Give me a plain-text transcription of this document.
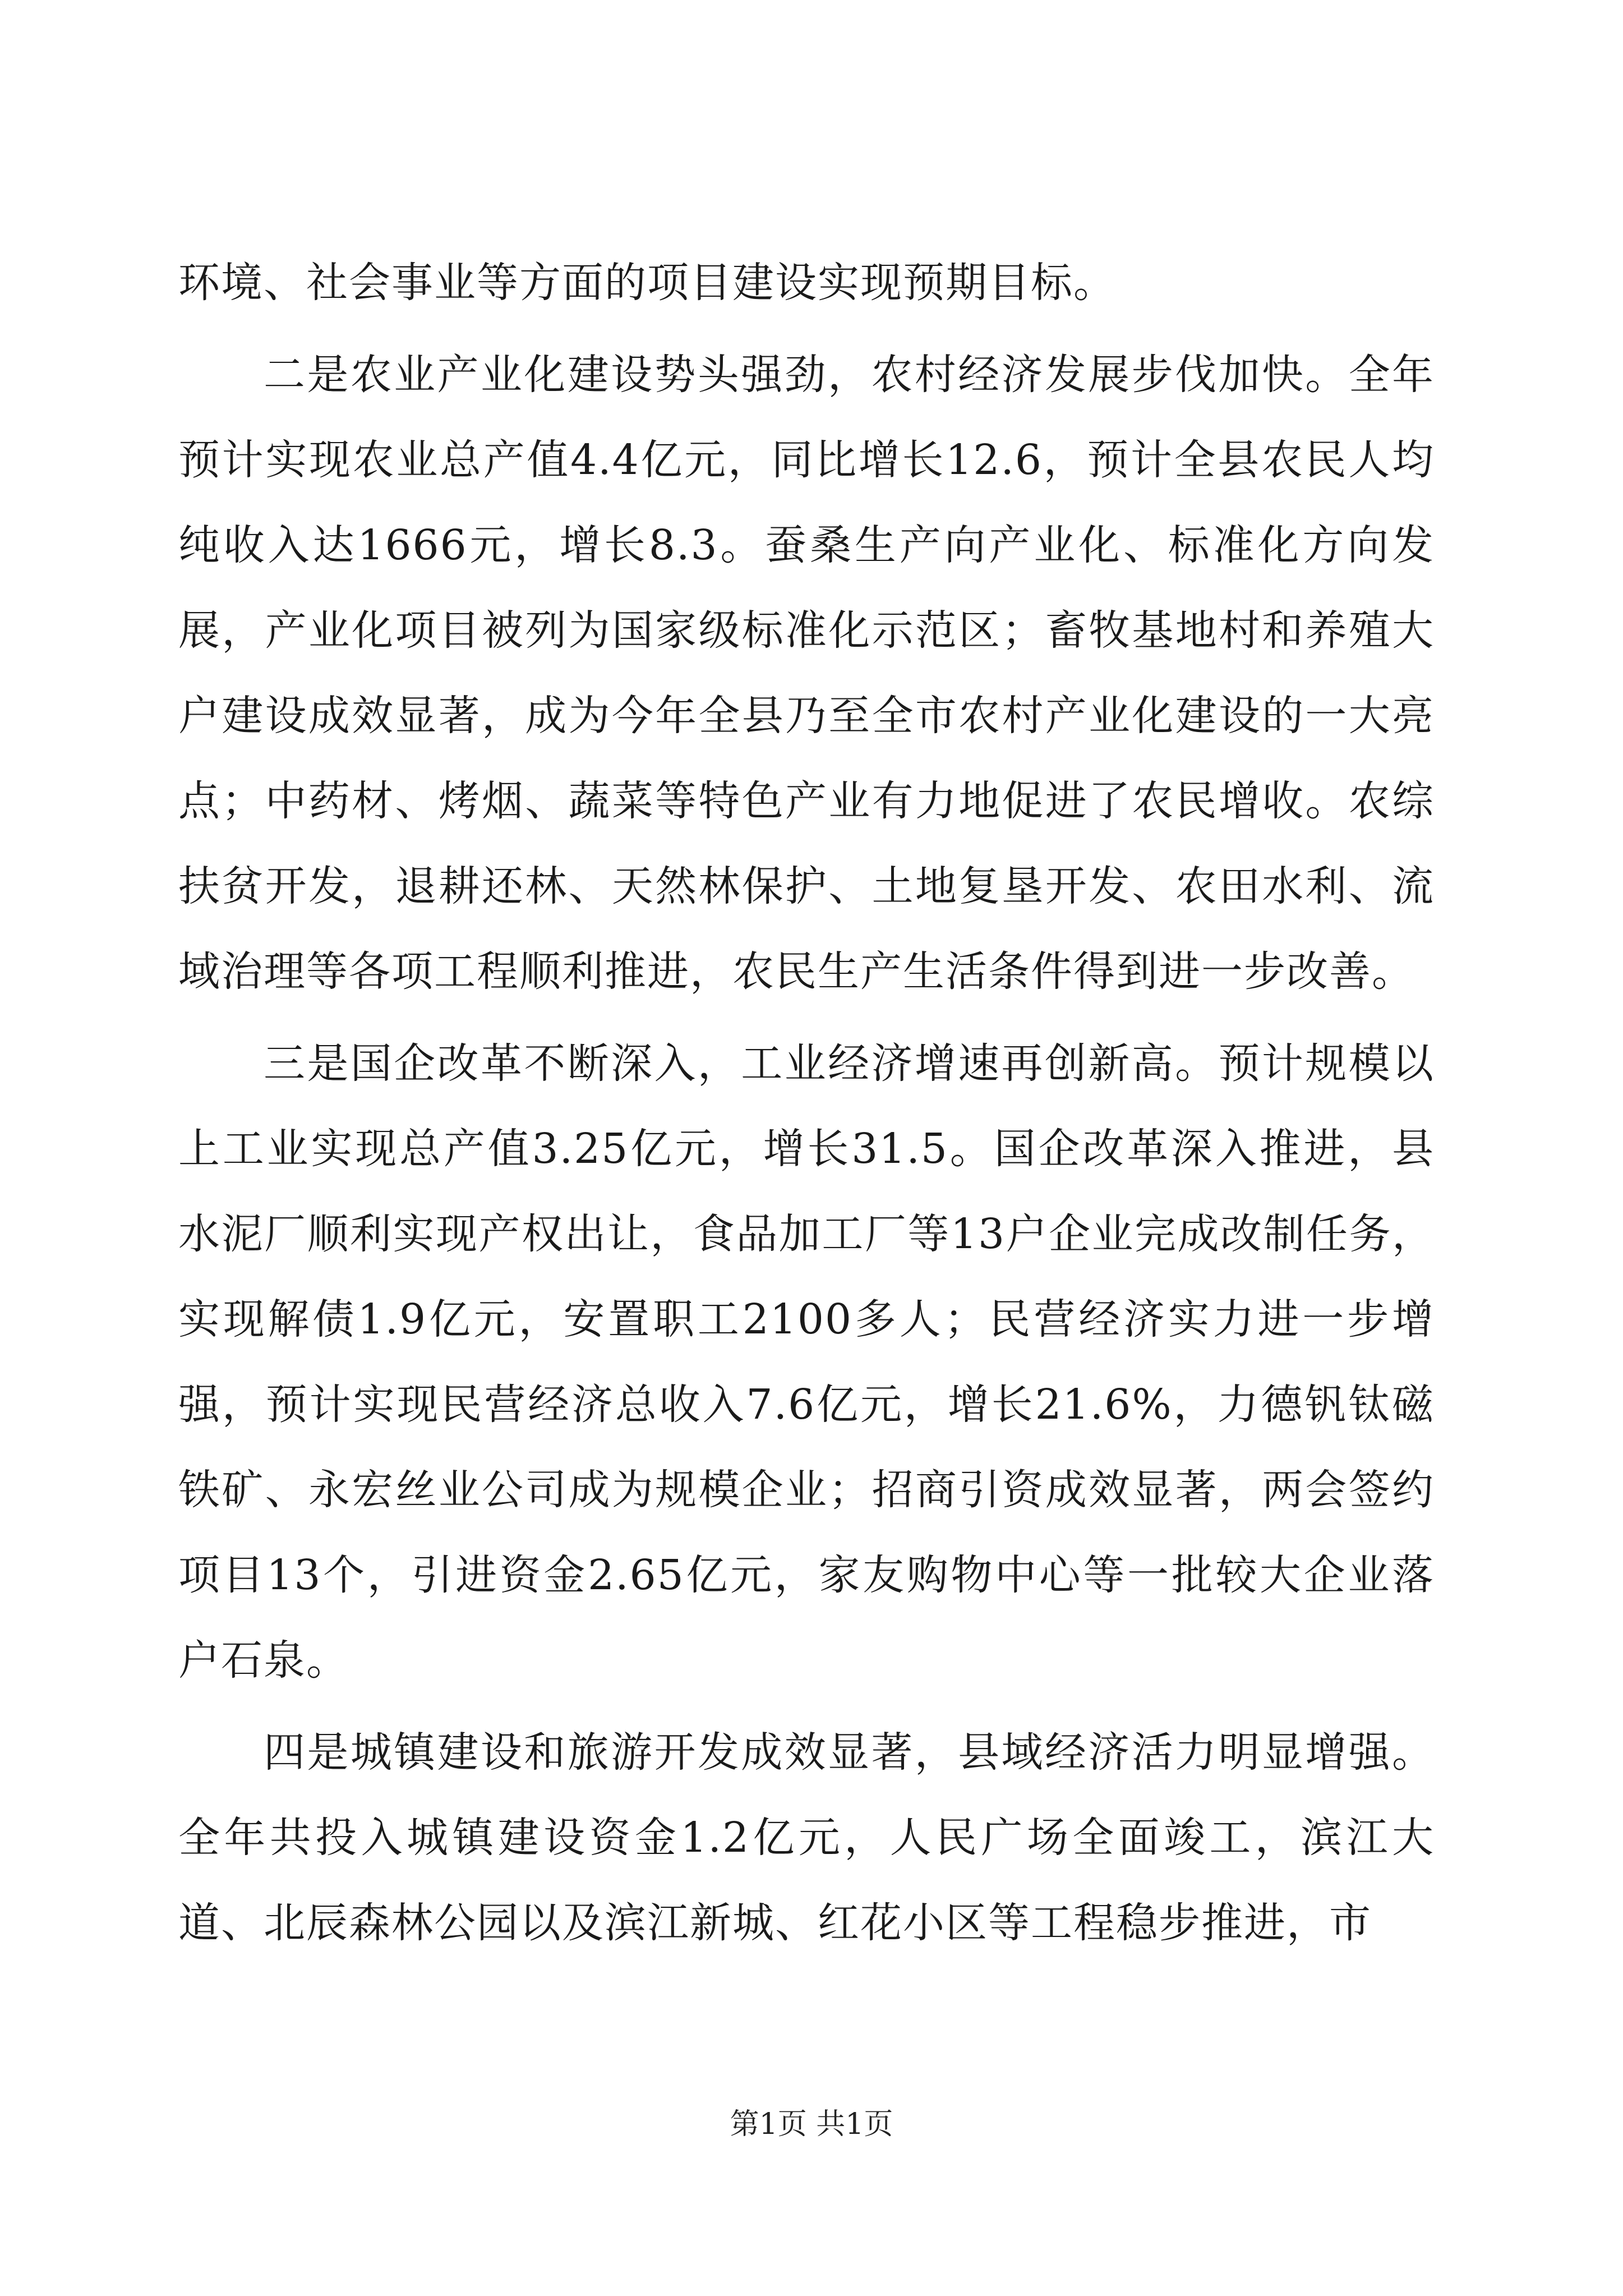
环境、社会事业等方面的项目建设实现预期目标。

二是农业产业化建设势头强劲，农村经济发展步伐加快。全年预计实现农业总产值4.4亿元，同比增长12.6，预计全县农民人均纯收入达1666元，增长8.3。蚕桑生产向产业化、标准化方向发展，产业化项目被列为国家级标准化示范区；畜牧基地村和养殖大户建设成效显著，成为今年全县乃至全市农村产业化建设的一大亮点；中药材、烤烟、蔬菜等特色产业有力地促进了农民增收。农综扶贫开发，退耕还林、天然林保护、土地复垦开发、农田水利、流域治理等各项工程顺利推进，农民生产生活条件得到进一步改善。

三是国企改革不断深入，工业经济增速再创新高。预计规模以上工业实现总产值3.25亿元，增长31.5。国企改革深入推进，县水泥厂顺利实现产权出让，食品加工厂等13户企业完成改制任务，实现解债1.9亿元，安置职工2100多人；民营经济实力进一步增强，预计实现民营经济总收入7.6亿元，增长21.6%，力德钒钛磁铁矿、永宏丝业公司成为规模企业；招商引资成效显著，两会签约项目13个，引进资金2.65亿元，家友购物中心等一批较大企业落户石泉。

四是城镇建设和旅游开发成效显著，县域经济活力明显增强。全年共投入城镇建设资金1.2亿元，人民广场全面竣工，滨江大道、北辰森林公园以及滨江新城、红花小区等工程稳步推进，市

第1页 共1页
